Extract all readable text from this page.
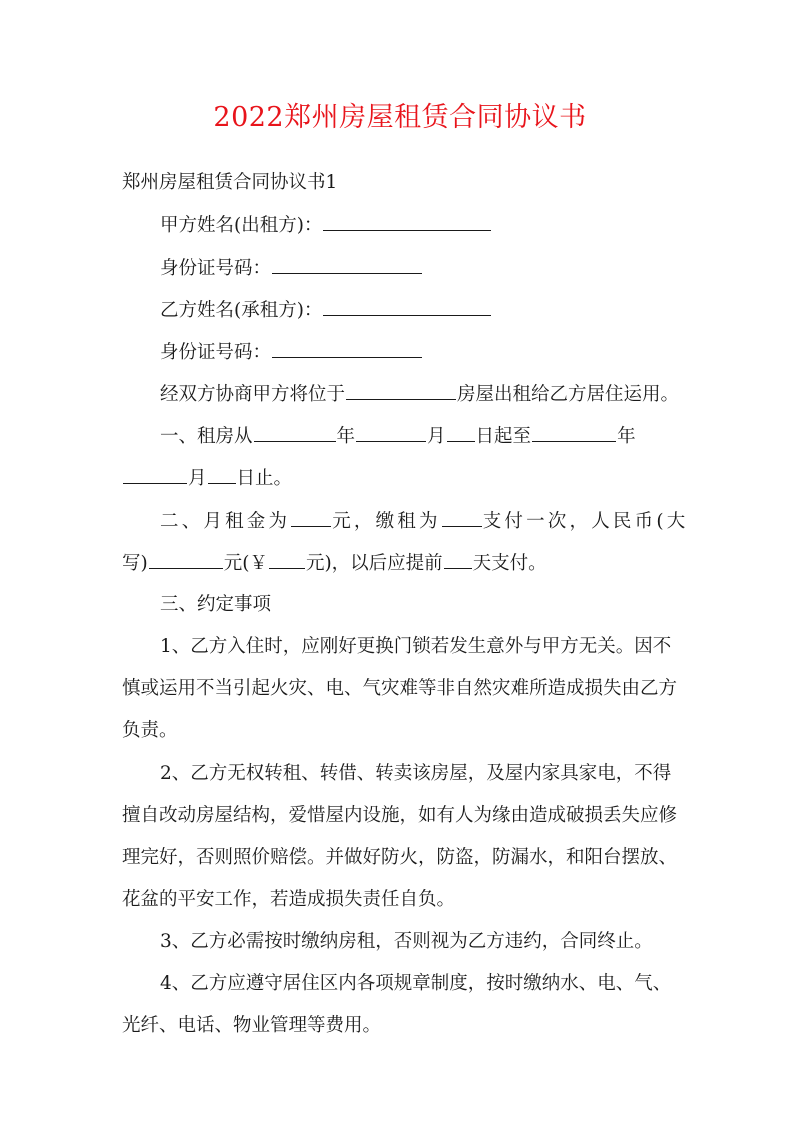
2022郑州房屋租赁合同协议书
郑州房屋租赁合同协议书1
甲方姓名(出租方)：
身份证号码：
乙方姓名(承租方)：
身份证号码：
经双方协商甲方将位于	房屋出租给乙方居住运用。
一、租房从	年	月 日起至	年
月 日止。
二、月租金为 元，缴租为 支付一次，人民币(大
写)	元(￥ 元)，以后应提前 天支付。
三、约定事项
1、乙方入住时，应刚好更换门锁若发生意外与甲方无关。因不
慎或运用不当引起火灾、电、气灾难等非自然灾难所造成损失由乙方
负责。
2、乙方无权转租、转借、转卖该房屋，及屋内家具家电，不得
擅自改动房屋结构，爱惜屋内设施，如有人为缘由造成破损丢失应修
理完好，否则照价赔偿。并做好防火，防盗，防漏水，和阳台摆放、
花盆的平安工作，若造成损失责任自负。
3、乙方必需按时缴纳房租，否则视为乙方违约，合同终止。
4、乙方应遵守居住区内各项规章制度，按时缴纳水、电、气、
光纤、电话、物业管理等费用。
